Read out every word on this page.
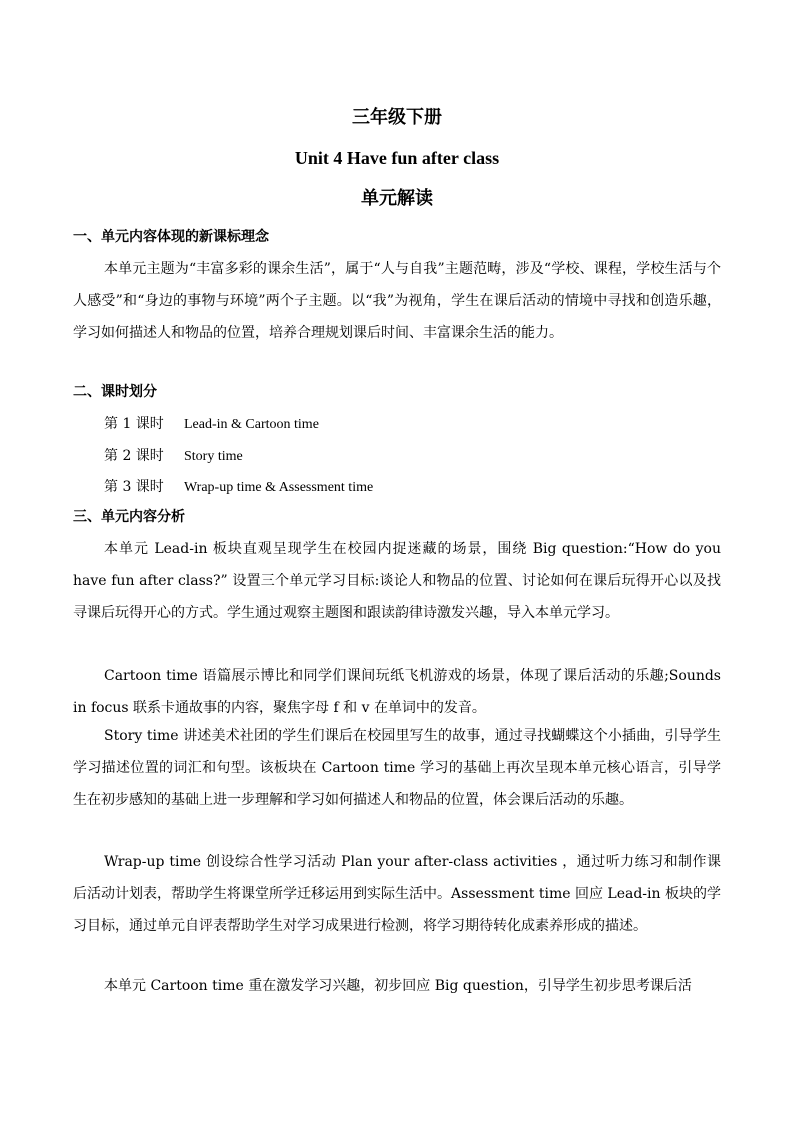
三年级下册
Unit 4 Have fun after class
单元解读
一、单元内容体现的新课标理念
本单元主题为“丰富多彩的课余生活”，属于“人与自我”主题范畴，涉及“学校、课程，学校生活与个人感受”和“身边的事物与环境”两个子主题。以“我”为视角，学生在课后活动的情境中寻找和创造乐趣，学习如何描述人和物品的位置，培养合理规划课后时间、丰富课余生活的能力。
二、课时划分
第 1 课时 Lead-in & Cartoon time
第 2 课时 Story time
第 3 课时 Wrap-up time & Assessment time
三、单元内容分析
本单元 Lead-in 板块直观呈现学生在校园内捉迷藏的场景，围绕 Big question:“How do you have fun after class?” 设置三个单元学习目标:谈论人和物品的位置、讨论如何在课后玩得开心以及找寻课后玩得开心的方式。学生通过观察主题图和跟读韵律诗激发兴趣，导入本单元学习。
Cartoon time 语篇展示博比和同学们课间玩纸飞机游戏的场景，体现了课后活动的乐趣;Sounds in focus 联系卡通故事的内容，聚焦字母 f 和 v 在单词中的发音。
Story time 讲述美术社团的学生们课后在校园里写生的故事，通过寻找蝴蝶这个小插曲，引导学生学习描述位置的词汇和句型。该板块在 Cartoon time 学习的基础上再次呈现本单元核心语言，引导学生在初步感知的基础上进一步理解和学习如何描述人和物品的位置，体会课后活动的乐趣。
Wrap-up time 创设综合性学习活动 Plan your after-class activities ，通过听力练习和制作课后活动计划表，帮助学生将课堂所学迁移运用到实际生活中。Assessment time 回应 Lead-in 板块的学习目标，通过单元自评表帮助学生对学习成果进行检测，将学习期待转化成素养形成的描述。
本单元 Cartoon time 重在激发学习兴趣，初步回应 Big question，引导学生初步思考课后活
